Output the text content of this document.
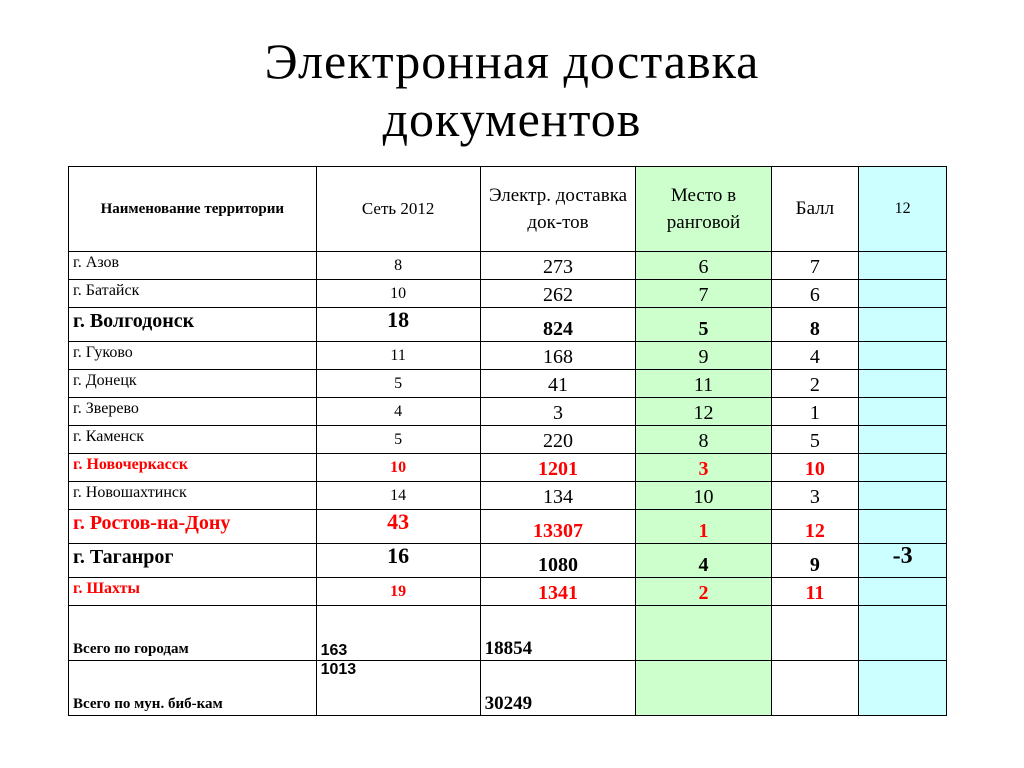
Электронная доставка
документов
Наименование территории	Сеть 2012	Электр. доставка док-тов	Место в ранговой	Балл	12
г. Азов	8	273	6	7	
г. Батайск	10	262	7	6	
г. Волгодонск	18	824	5	8	
г. Гуково	11	168	9	4	
г. Донецк	5	41	11	2	
г. Зверево	4	3	12	1	
г. Каменск	5	220	8	5	
г. Новочеркасск	10	1201	3	10	
г. Новошахтинск	14	134	10	3	
г. Ростов-на-Дону	43	13307	1	12	
г. Таганрог	16	1080	4	9	-3
г. Шахты	19	1341	2	11	
Всего по городам	163	18854			
Всего по мун. биб-кам	1013	30249			
